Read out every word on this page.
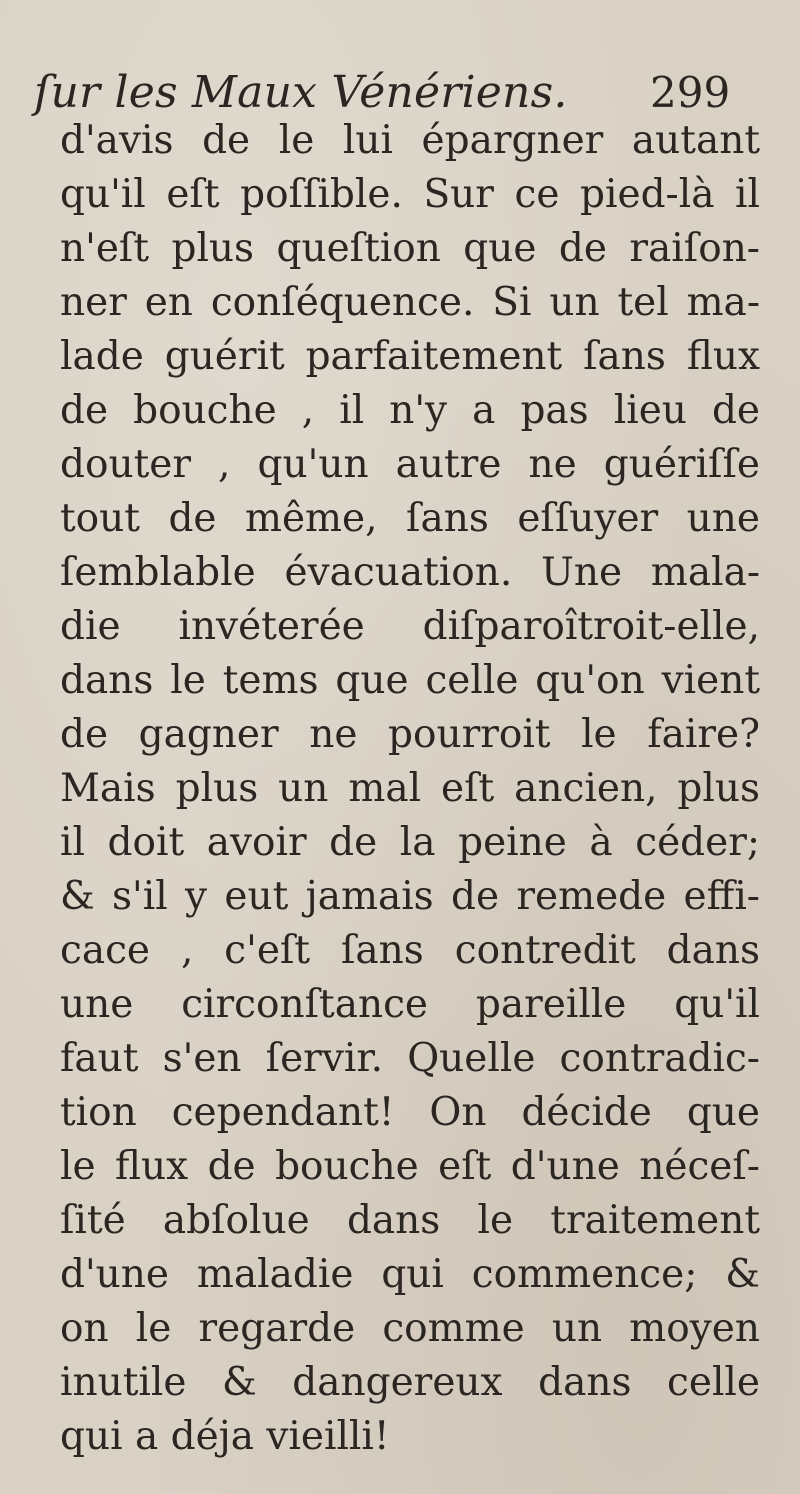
ſur les Maux Vénériens. 299
d'avis de le lui épargner autant
qu'il eſt poſſible. Sur ce pied-là il
n'eſt plus queſtion que de raiſon-
ner en conſéquence. Si un tel ma-
lade guérit parfaitement ſans flux
de bouche , il n'y a pas lieu de
douter , qu'un autre ne guériſſe
tout de même, ſans eſſuyer une
ſemblable évacuation. Une mala-
die invéterée diſparoîtroit-elle,
dans le tems que celle qu'on vient
de gagner ne pourroit le faire?
Mais plus un mal eſt ancien, plus
il doit avoir de la peine à céder;
& s'il y eut jamais de remede effi-
cace , c'eſt ſans contredit dans
une circonſtance pareille qu'il
faut s'en ſervir. Quelle contradic-
tion cependant! On décide que
le flux de bouche eſt d'une néceſ-
ſité abſolue dans le traitement
d'une maladie qui commence; &
on le regarde comme un moyen
inutile & dangereux dans celle
qui a déja vieilli!
